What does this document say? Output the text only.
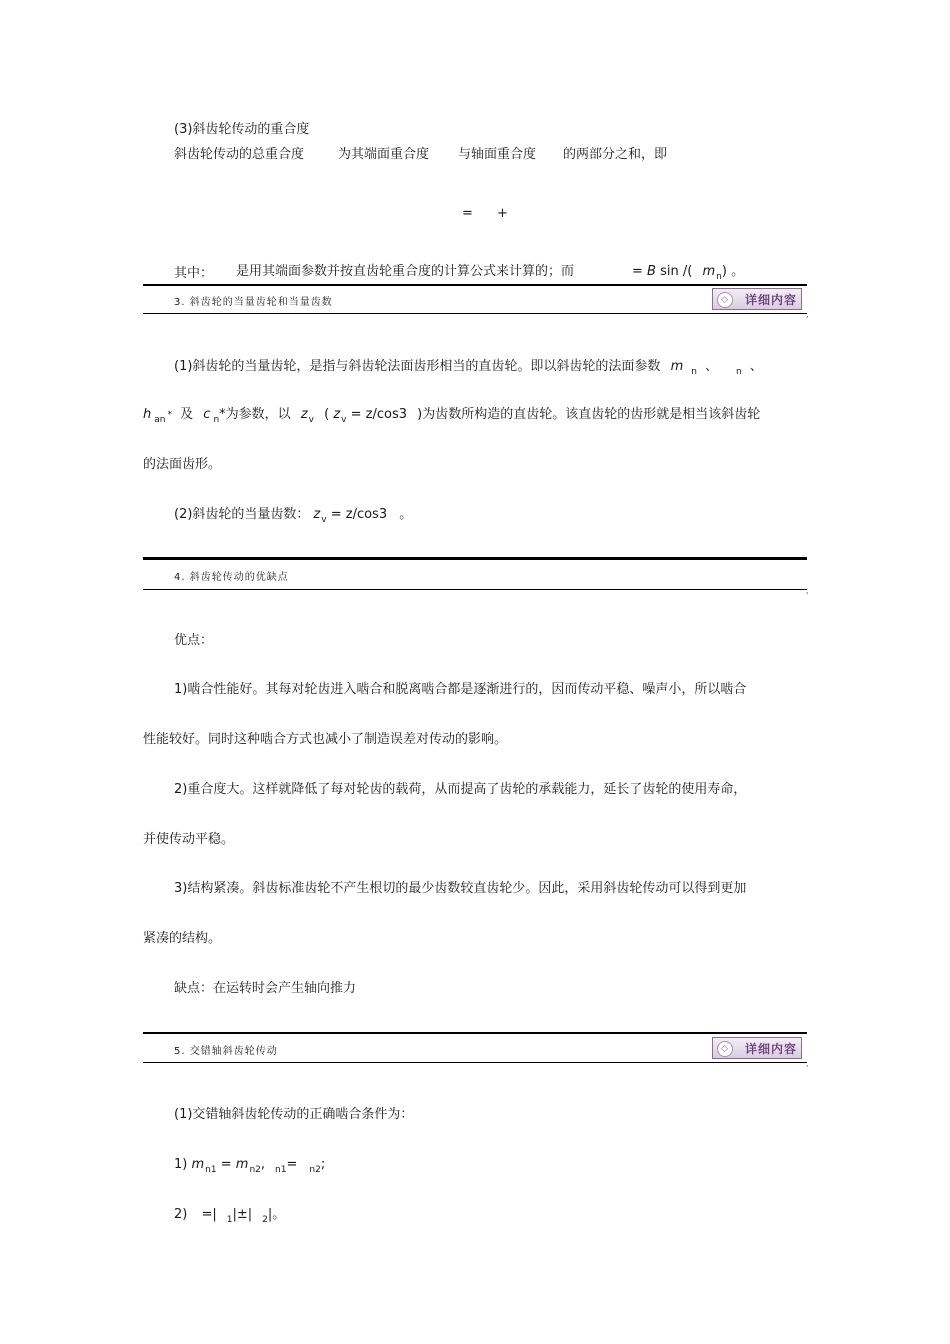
(3)斜齿轮传动的重合度
斜齿轮传动的总重合度	为其端面重合度 与轴面重合度 的两部分之和，即
= +
其中： 是用其端面参数并按直齿轮重合度的计算公式来计算的；而	= B sin /( $m_n$) 。
3. 斜齿轮的当量齿轮和当量齿数	◇	详细内容
,
(1)斜齿轮的当量齿轮，是指与斜齿轮法面齿形相当的直齿轮。即以斜齿轮的法面参数 m $_n$ 、 $_n$ 、
h $_{an}$ * 及 c $_n$*为参数，以 $z_v$ ( $z_v = z/\cos 3$ )为齿数所构造的直齿轮。该直齿轮的齿形就是相当该斜齿轮
的法面齿形。
(2)斜齿轮的当量齿数： $z_v = z/\cos 3$ 。
4. 斜齿轮传动的优缺点
,
优点：
1)啮合性能好。其每对轮齿进入啮合和脱离啮合都是逐渐进行的，因而传动平稳、噪声小，所以啮合
性能较好。同时这种啮合方式也减小了制造误差对传动的影响。
2)重合度大。这样就降低了每对轮齿的载荷，从而提高了齿轮的承载能力，延长了齿轮的使用寿命，
并使传动平稳。
3)结构紧凑。斜齿标准齿轮不产生根切的最少齿数较直齿轮少。因此，采用斜齿轮传动可以得到更加
紧凑的结构。
缺点：在运转时会产生轴向推力
5. 交错轴斜齿轮传动	◇	详细内容
,
(1)交错轴斜齿轮传动的正确啮合条件为：
1) $m_{n1} = m_{n2}$, $_{n1}$= $_{n2}$;
2) =| $_1$|±| $_2$|。
